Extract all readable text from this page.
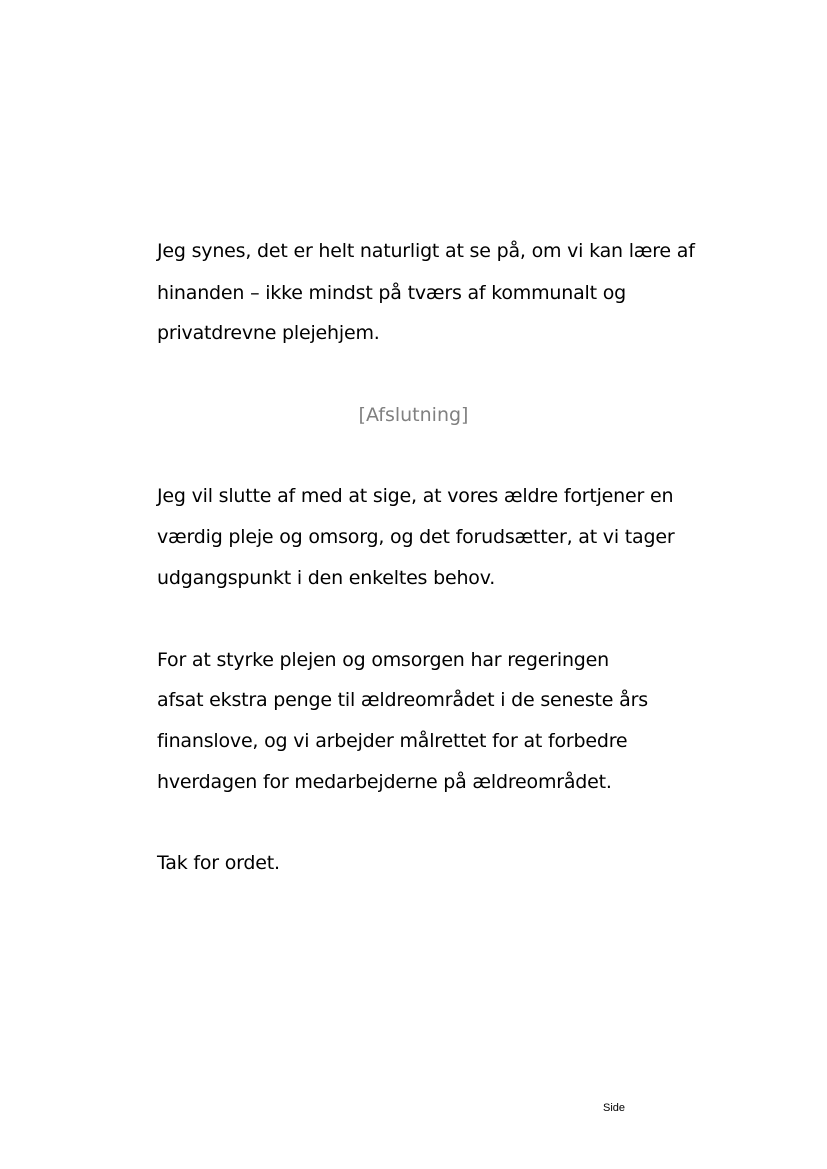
Jeg synes, det er helt naturligt at se på, om vi kan lære af
hinanden – ikke mindst på tværs af kommunalt og
privatdrevne plejehjem.
[Afslutning]
Jeg vil slutte af med at sige, at vores ældre fortjener en
værdig pleje og omsorg, og det forudsætter, at vi tager
udgangspunkt i den enkeltes behov.
For at styrke plejen og omsorgen har regeringen
afsat ekstra penge til ældreområdet i de seneste års
finanslove, og vi arbejder målrettet for at forbedre
hverdagen for medarbejderne på ældreområdet.
Tak for ordet.
Side
